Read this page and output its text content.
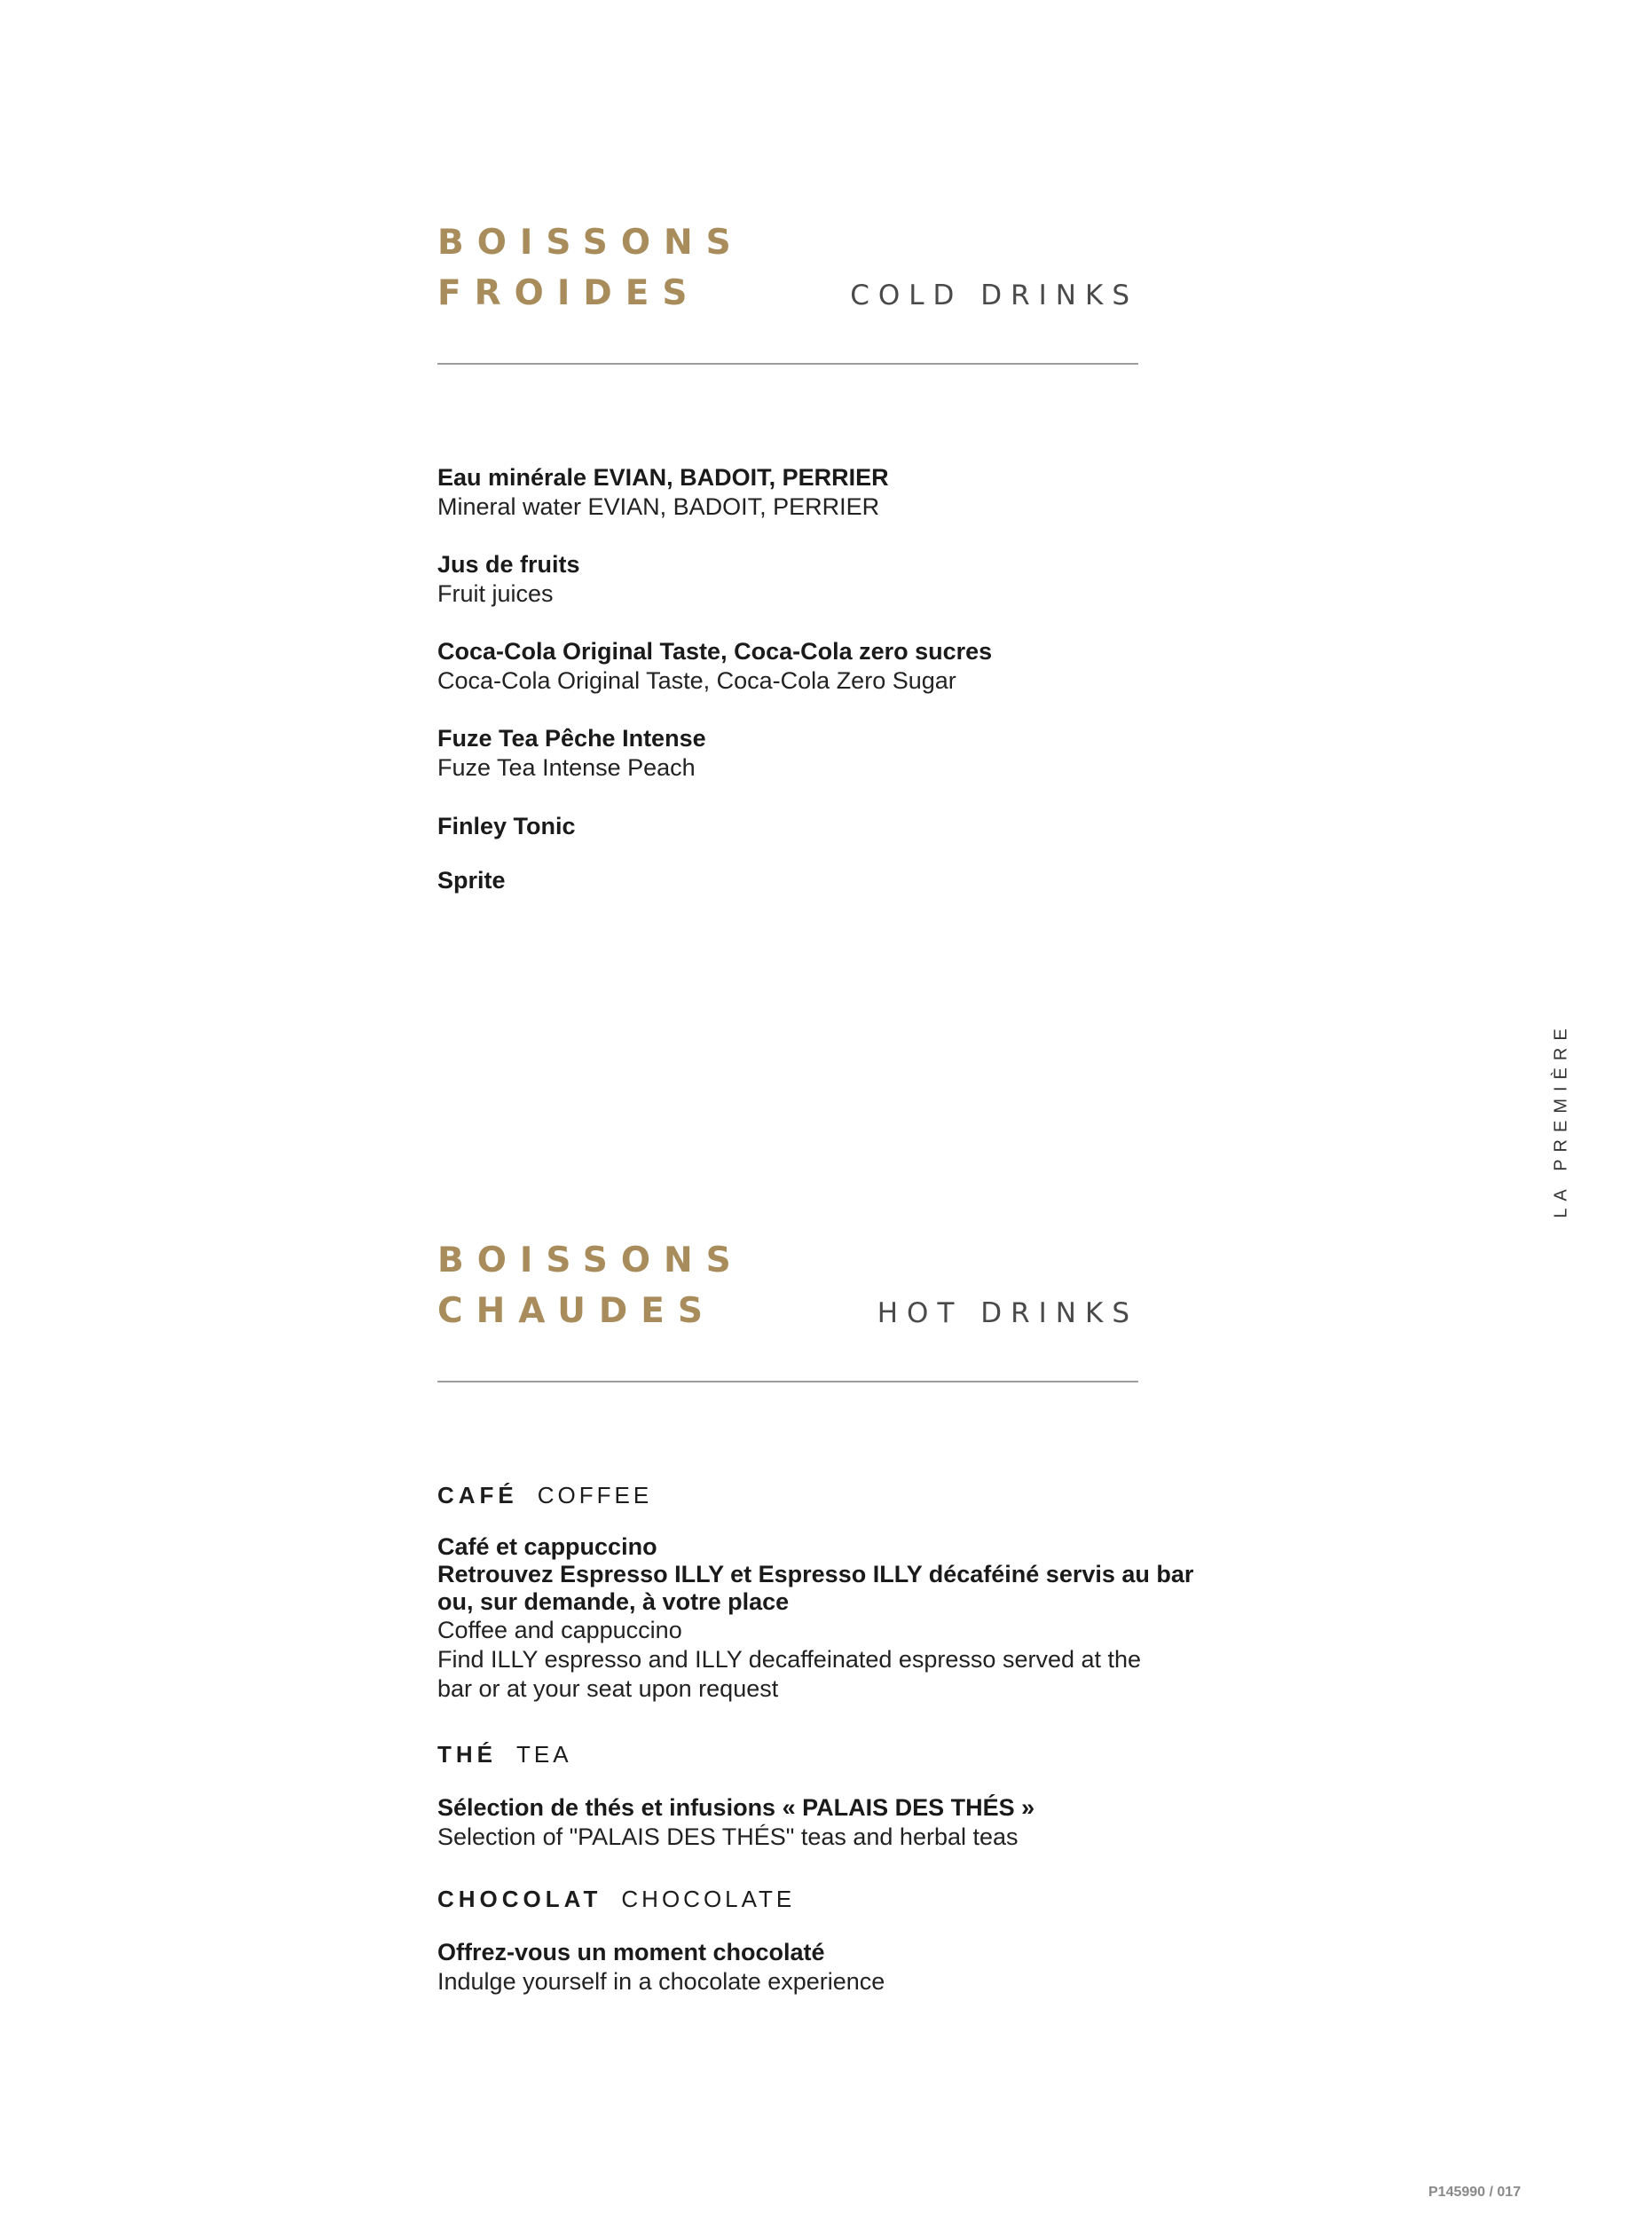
BOISSONS

FROIDES	COLD DRINKS
Eau minérale EVIAN, BADOIT, PERRIER
Mineral water EVIAN, BADOIT, PERRIER
Jus de fruits
Fruit juices
Coca-Cola Original Taste, Coca-Cola zero sucres
Coca-Cola Original Taste, Coca-Cola Zero Sugar
Fuze Tea Pêche Intense
Fuze Tea Intense Peach
Finley Tonic
Sprite
LA PREMIÈRE

BOISSONS

CHAUDES	HOT DRINKS
CAFÉ COFFEE
Café et cappuccino
Retrouvez Espresso ILLY et Espresso ILLY décaféiné servis au bar
ou, sur demande, à votre place
Coffee and cappuccino
Find ILLY espresso and ILLY decaffeinated espresso served at the
bar or at your seat upon request
THÉ TEA
Sélection de thés et infusions « PALAIS DES THÉS »
Selection of "PALAIS DES THÉS" teas and herbal teas
CHOCOLAT CHOCOLATE
Offrez-vous un moment chocolaté
Indulge yourself in a chocolate experience
P145990 / 017
